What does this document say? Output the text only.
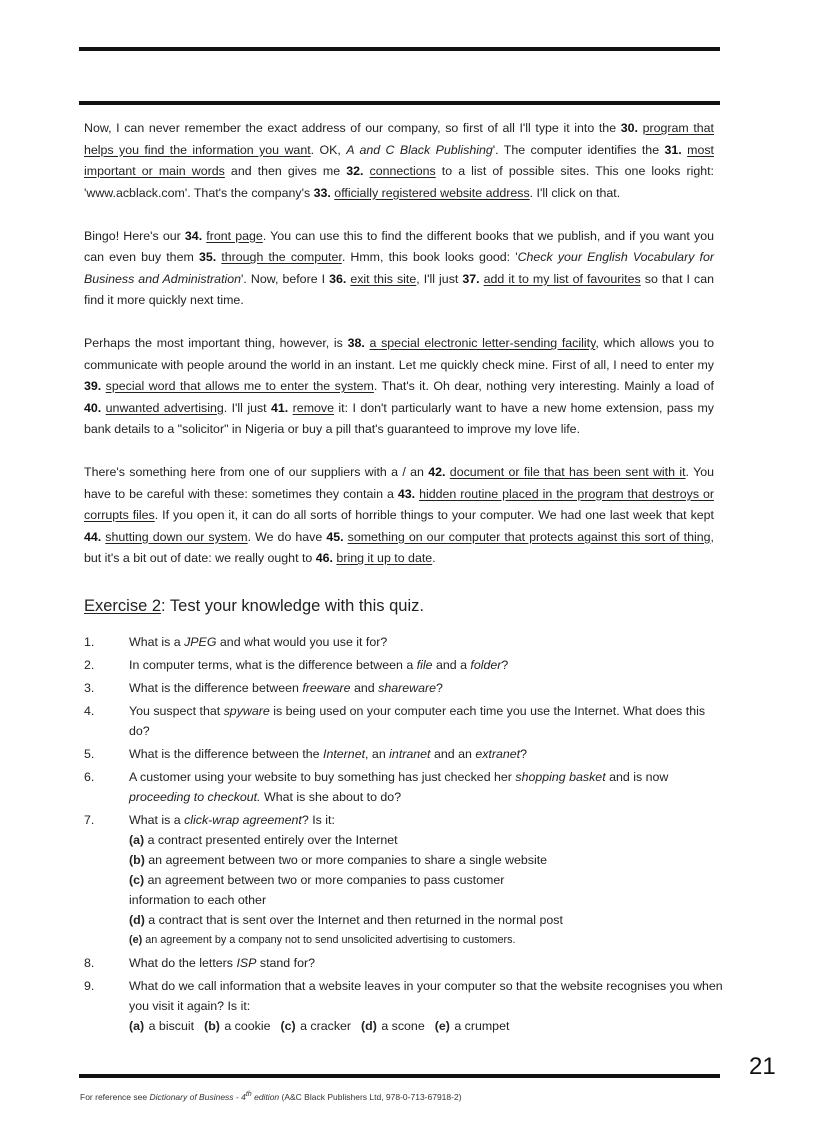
Now, I can never remember the exact address of our company, so first of all I'll type it into the 30. program that helps you find the information you want. OK, A and C Black Publishing'. The computer identifies the 31. most important or main words and then gives me 32. connections to a list of possible sites. This one looks right: 'www.acblack.com'. That's the company's 33. officially registered website address. I'll click on that.

Bingo! Here's our 34. front page. You can use this to find the different books that we publish, and if you want you can even buy them 35. through the computer. Hmm, this book looks good: 'Check your English Vocabulary for Business and Administration'. Now, before I 36. exit this site, I'll just 37. add it to my list of favourites so that I can find it more quickly next time.

Perhaps the most important thing, however, is 38. a special electronic letter-sending facility, which allows you to communicate with people around the world in an instant. Let me quickly check mine. First of all, I need to enter my 39. special word that allows me to enter the system. That's it. Oh dear, nothing very interesting. Mainly a load of 40. unwanted advertising. I'll just 41. remove it: I don't particularly want to have a new home extension, pass my bank details to a "solicitor" in Nigeria or buy a pill that's guaranteed to improve my love life.

There's something here from one of our suppliers with a / an 42. document or file that has been sent with it. You have to be careful with these: sometimes they contain a 43. hidden routine placed in the program that destroys or corrupts files. If you open it, it can do all sorts of horrible things to your computer. We had one last week that kept 44. shutting down our system. We do have 45. something on our computer that protects against this sort of thing, but it's a bit out of date: we really ought to 46. bring it up to date.

Exercise 2: Test your knowledge with this quiz.
1.	What is a JPEG and what would you use it for?
2.	In computer terms, what is the difference between a file and a folder?
3.	What is the difference between freeware and shareware?
4.	You suspect that spyware is being used on your computer each time you use the Internet. What does this do?
5.	What is the difference between the Internet, an intranet and an extranet?
6.	A customer using your website to buy something has just checked her shopping basket and is now proceeding to checkout. What is she about to do?
7.	What is a click-wrap agreement? Is it:
(a) a contract presented entirely over the Internet
(b) an agreement between two or more companies to share a single website
(c) an agreement between two or more companies to pass customer information to each other
(d) a contract that is sent over the Internet and then returned in the normal post
(e) an agreement by a company not to send unsolicited advertising to customers.
8.	What do the letters ISP stand for?
9.	What do we call information that a website leaves in your computer so that the website recognises you when you visit it again? Is it:
(a) a biscuit (b) a cookie (c) a cracker (d) a scone (e) a crumpet
21
For reference see Dictionary of Business - 4th edition (A&C Black Publishers Ltd, 978-0-713-67918-2)
